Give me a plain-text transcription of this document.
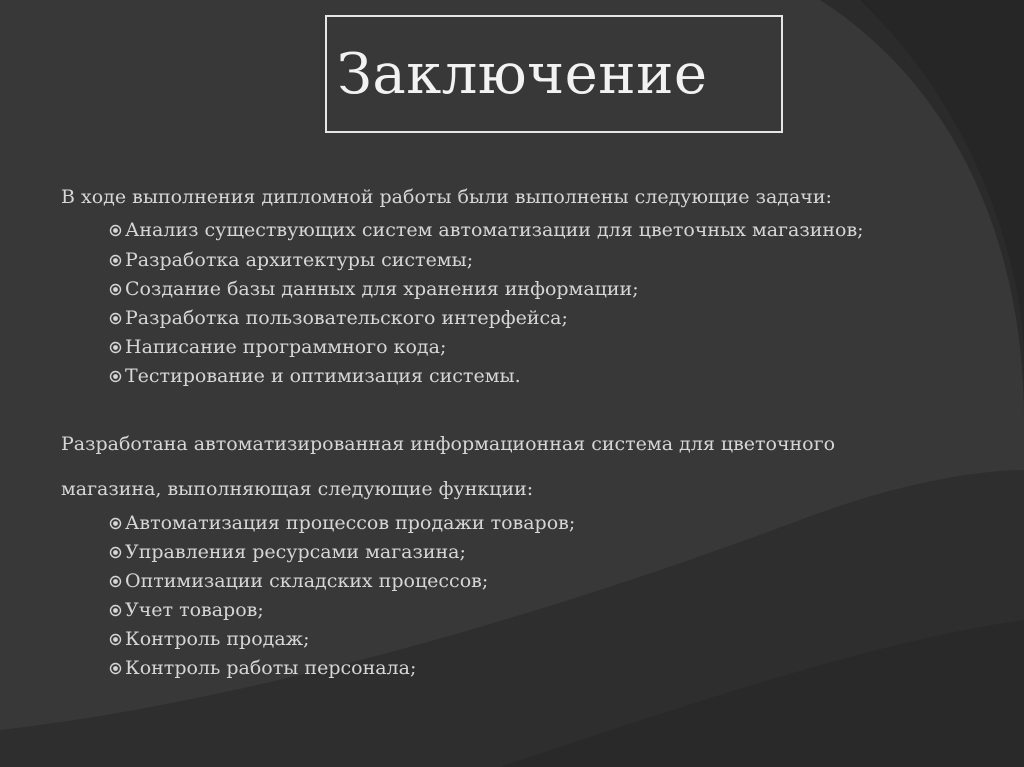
Заключение
В ходе выполнения дипломной работы были выполнены следующие задачи:
Анализ существующих систем автоматизации для цветочных магазинов;
Разработка архитектуры системы;
Создание базы данных для хранения информации;
Разработка пользовательского интерфейса;
Написание программного кода;
Тестирование и оптимизация системы.
Разработана автоматизированная информационная система для цветочного
магазина, выполняющая следующие функции:
Автоматизация процессов продажи товаров;
Управления ресурсами магазина;
Оптимизации складских процессов;
Учет товаров;
Контроль продаж;
Контроль работы персонала;
